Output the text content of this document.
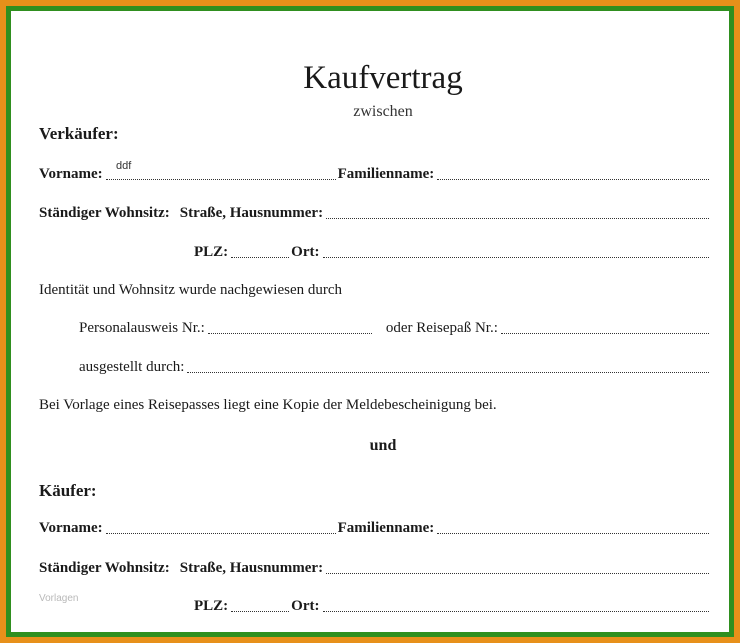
Kaufvertrag
zwischen
Verkäufer:
ddf
Vorname:	Familienname:
Ständiger Wohnsitz: Straße, Hausnummer:
PLZ:	Ort:
Identität und Wohnsitz wurde nachgewiesen durch
Personalausweis Nr.:	oder Reisepaß Nr.:
ausgestellt durch:
Bei Vorlage eines Reisepasses liegt eine Kopie der Meldebescheinigung bei.
und
Käufer:
Vorname:	Familienname:
Ständiger Wohnsitz: Straße, Hausnummer:
Vorlagen	PLZ:	Ort:
